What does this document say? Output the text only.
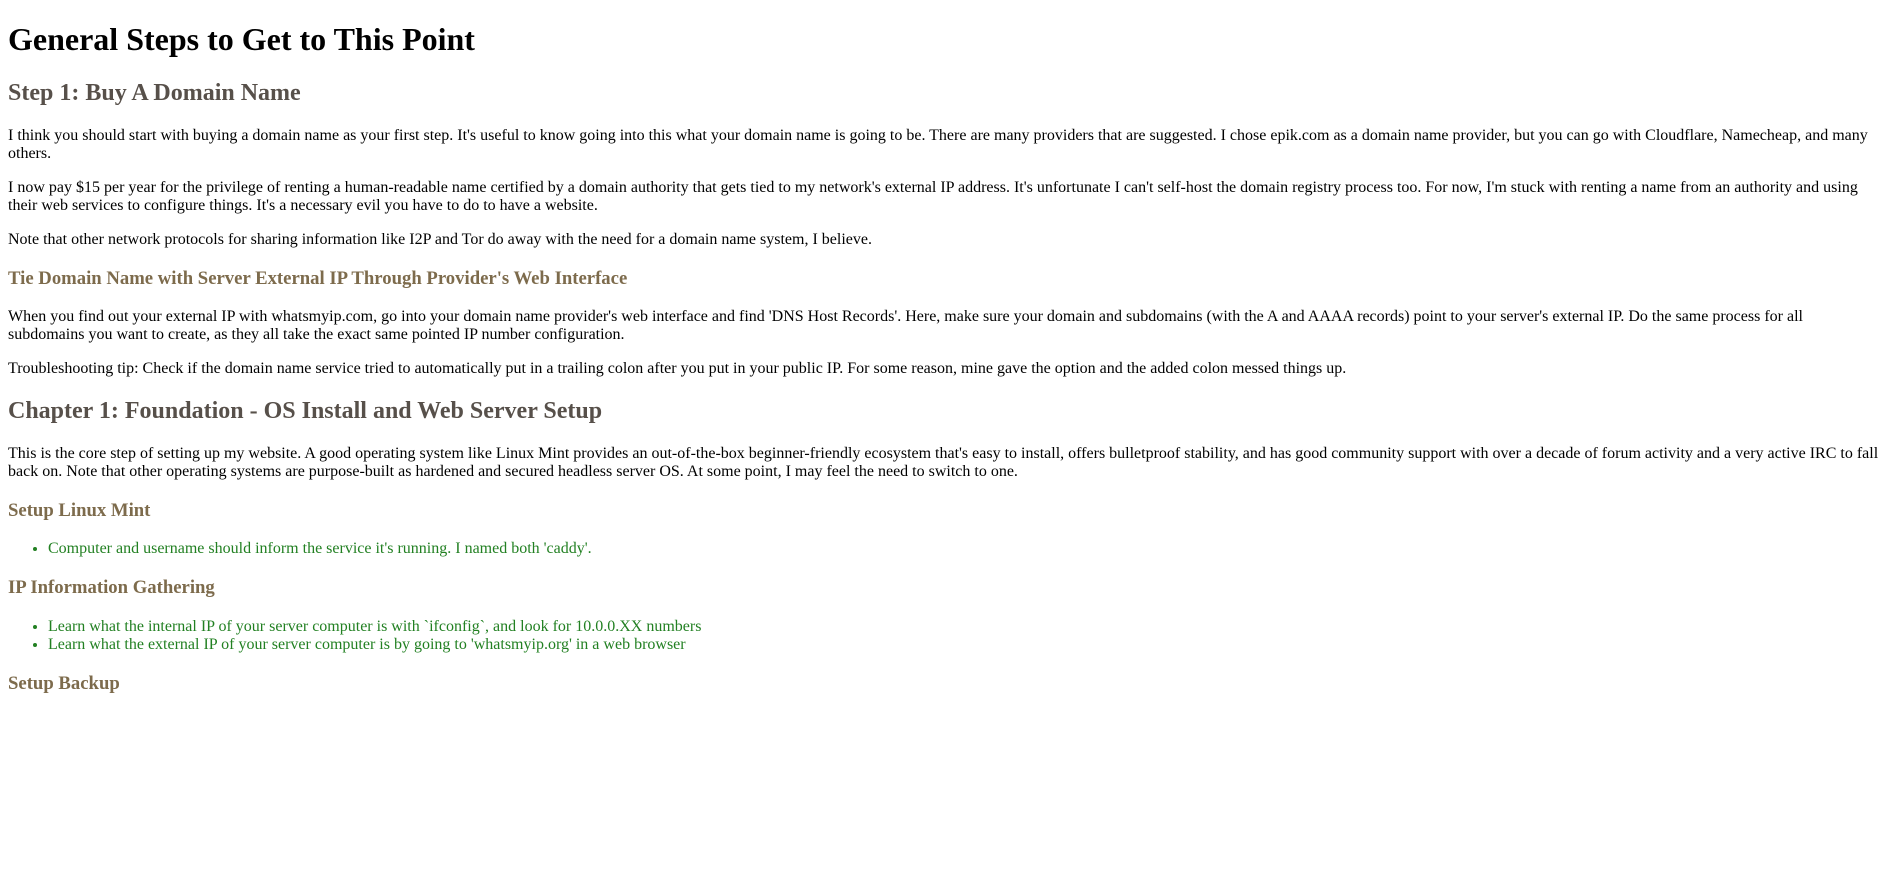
General Steps to Get to This Point
Step 1: Buy A Domain Name

I think you should start with buying a domain name as your first step. It's useful to know going into this what your domain name is going to be. There are many providers that are suggested. I chose epik.com as a domain name provider, but you can go with Cloudflare, Namecheap, and many others.

I now pay $15 per year for the privilege of renting a human-readable name certified by a domain authority that gets tied to my network's external IP address. It's unfortunate I can't self-host the domain registry process too. For now, I'm stuck with renting a name from an authority and using their web services to configure things. It's a necessary evil you have to do to have a website.

Note that other network protocols for sharing information like I2P and Tor do away with the need for a domain name system, I believe.

Tie Domain Name with Server External IP Through Provider's Web Interface

When you find out your external IP with whatsmyip.com, go into your domain name provider's web interface and find 'DNS Host Records'. Here, make sure your domain and subdomains (with the A and AAAA records) point to your server's external IP. Do the same process for all subdomains you want to create, as they all take the exact same pointed IP number configuration.

Troubleshooting tip: Check if the domain name service tried to automatically put in a trailing colon after you put in your public IP. For some reason, mine gave the option and the added colon messed things up.

Chapter 1: Foundation - OS Install and Web Server Setup

This is the core step of setting up my website. A good operating system like Linux Mint provides an out-of-the-box beginner-friendly ecosystem that's easy to install, offers bulletproof stability, and has good community support with over a decade of forum activity and a very active IRC to fall back on. Note that other operating systems are purpose-built as hardened and secured headless server OS. At some point, I may feel the need to switch to one.

Setup Linux Mint
• Computer and username should inform the service it's running. I named both 'caddy'.
IP Information Gathering
• Learn what the internal IP of your server computer is with `ifconfig`, and look for 10.0.0.XX numbers
• Learn what the external IP of your server computer is by going to 'whatsmyip.org' in a web browser
Setup Backup
